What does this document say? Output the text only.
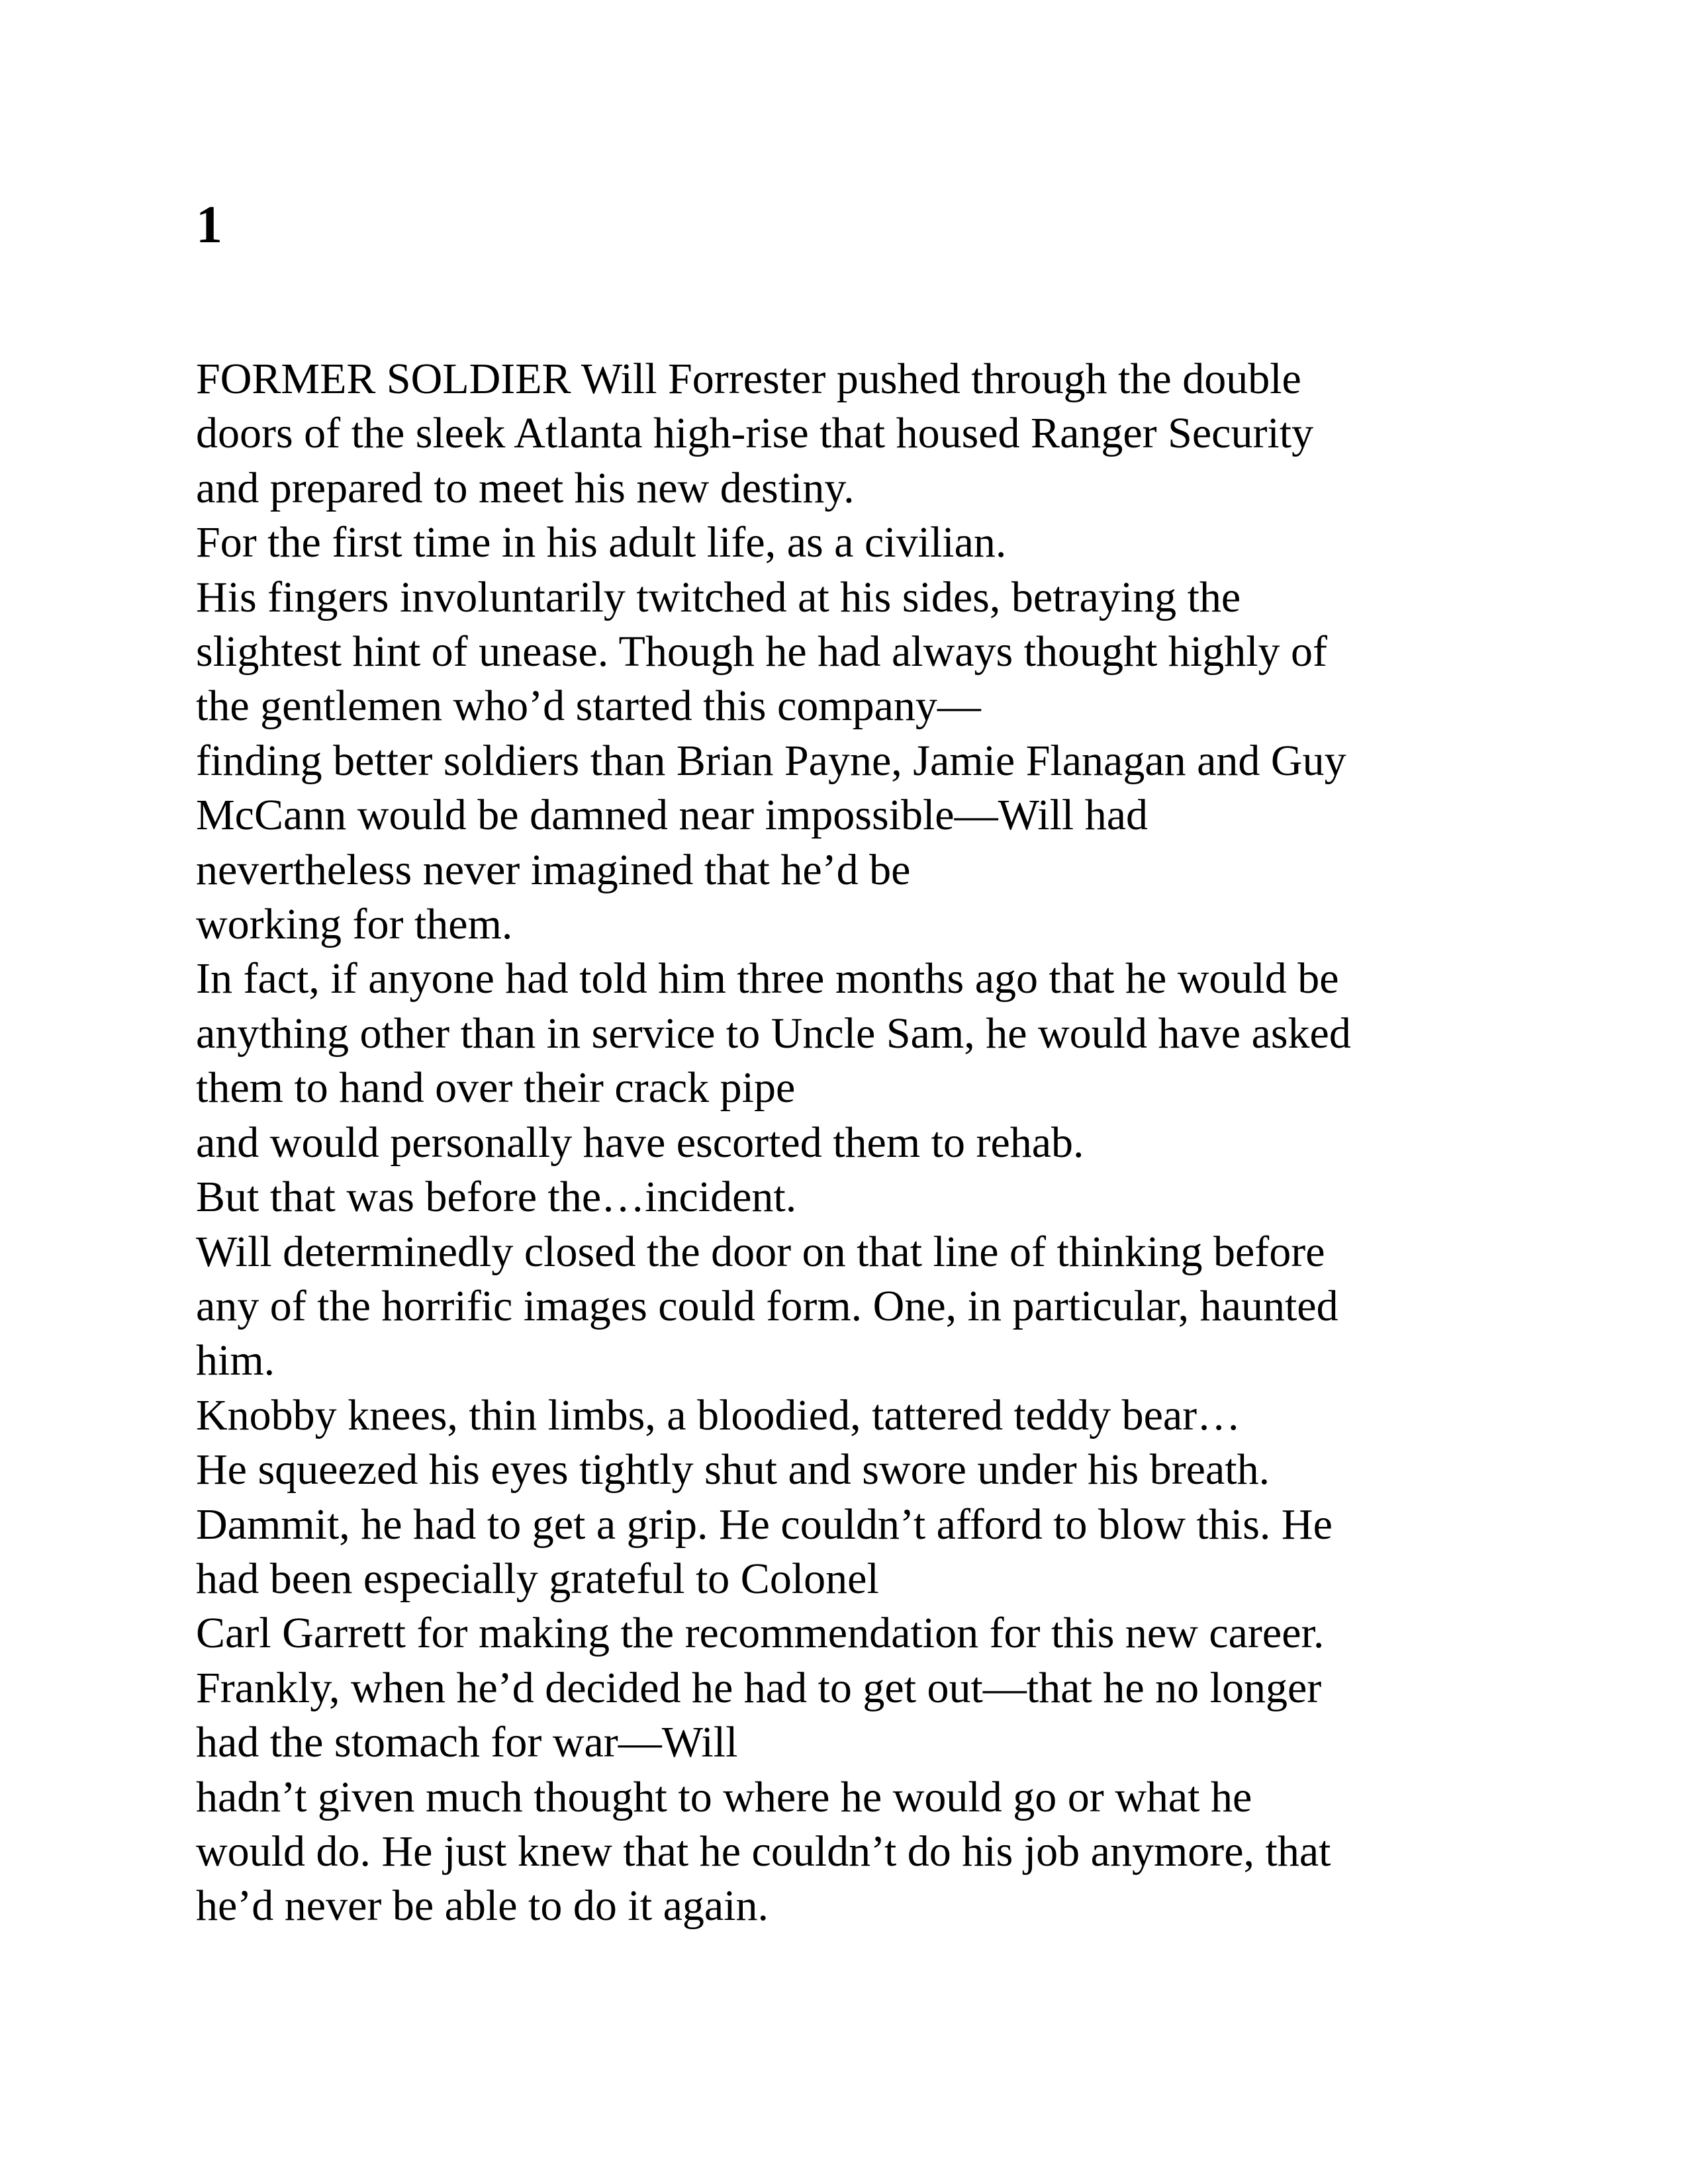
1
FORMER SOLDIER Will Forrester pushed through the double
doors of the sleek Atlanta high-rise that housed Ranger Security
and prepared to meet his new destiny.
For the first time in his adult life, as a civilian.
His fingers involuntarily twitched at his sides, betraying the
slightest hint of unease. Though he had always thought highly of
the gentlemen who’d started this company—
finding better soldiers than Brian Payne, Jamie Flanagan and Guy
McCann would be damned near impossible—Will had
nevertheless never imagined that he’d be
working for them.
In fact, if anyone had told him three months ago that he would be
anything other than in service to Uncle Sam, he would have asked
them to hand over their crack pipe
and would personally have escorted them to rehab.
But that was before the…incident.
Will determinedly closed the door on that line of thinking before
any of the horrific images could form. One, in particular, haunted
him.
Knobby knees, thin limbs, a bloodied, tattered teddy bear…
He squeezed his eyes tightly shut and swore under his breath.
Dammit, he had to get a grip. He couldn’t afford to blow this. He
had been especially grateful to Colonel
Carl Garrett for making the recommendation for this new career.
Frankly, when he’d decided he had to get out—that he no longer
had the stomach for war—Will
hadn’t given much thought to where he would go or what he
would do. He just knew that he couldn’t do his job anymore, that
he’d never be able to do it again.
